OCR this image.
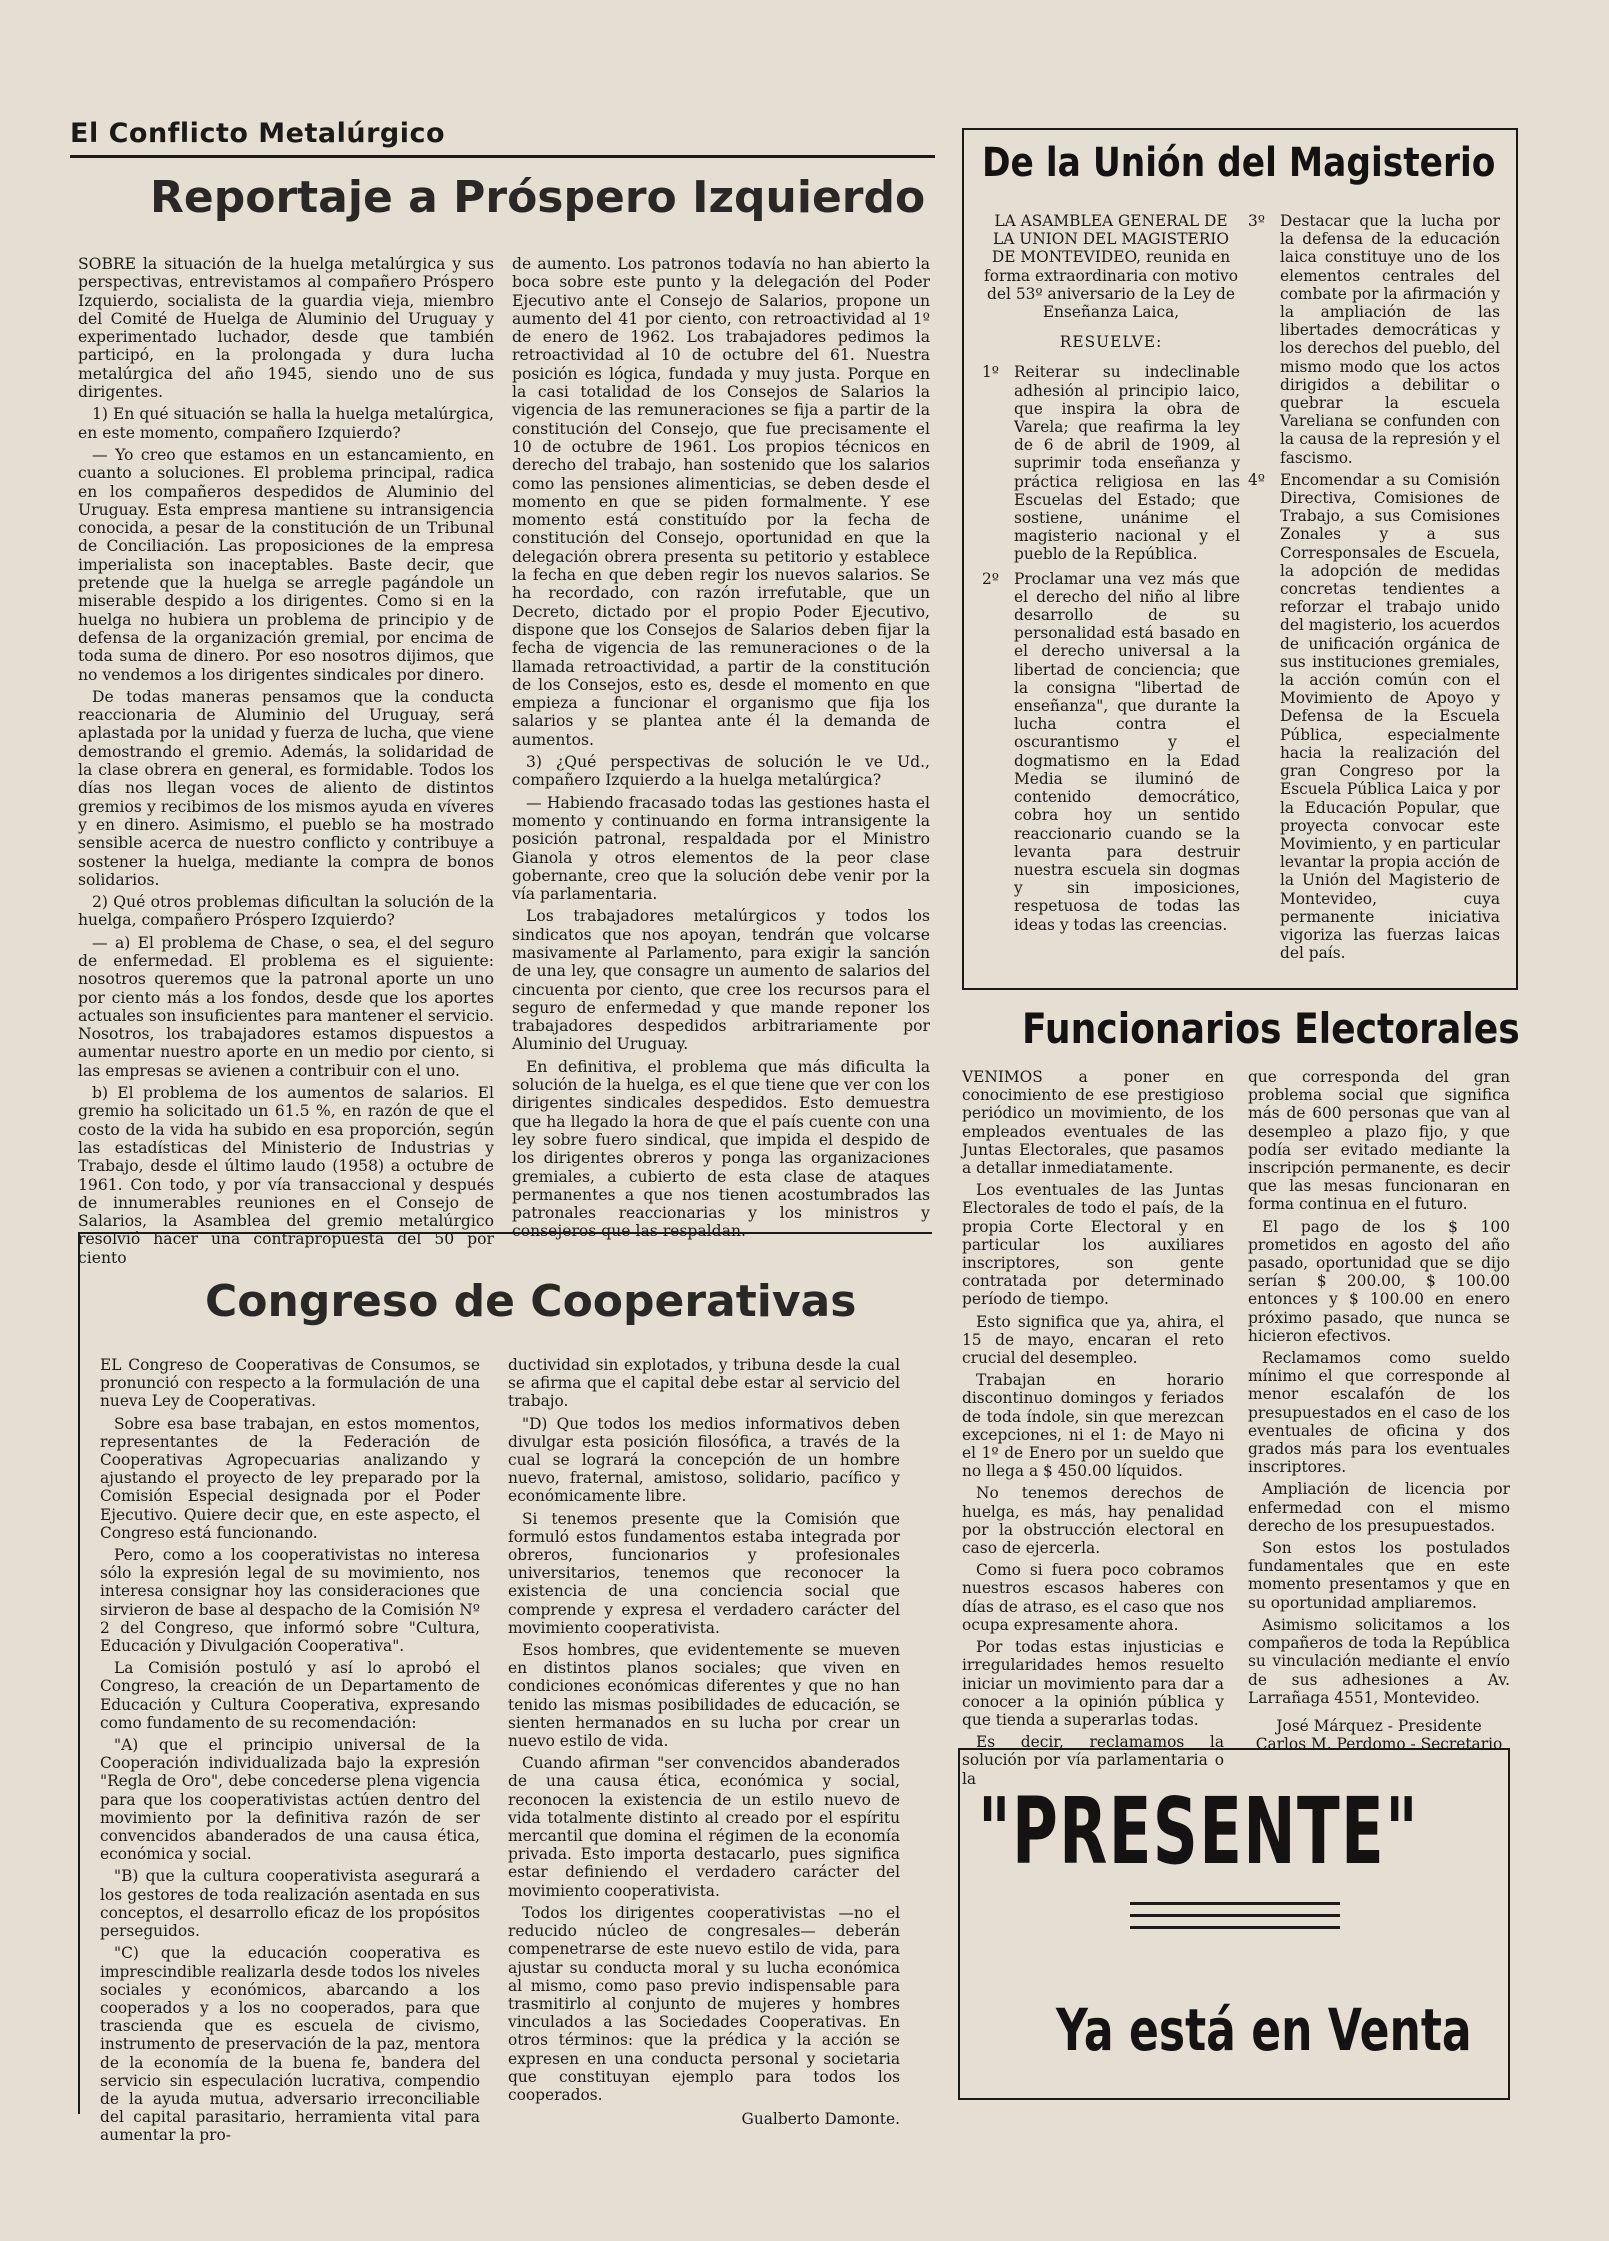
El Conflicto Metalúrgico
Reportaje a Próspero Izquierdo

SOBRE la situación de la huelga metalúrgica y sus perspectivas, entrevistamos al compañero Próspero Izquierdo, socialista de la guardia vieja, miembro del Comité de Huelga de Aluminio del Uruguay y experimentado luchador, desde que también participó, en la prolongada y dura lucha metalúrgica del año 1945, siendo uno de sus dirigentes.

1) En qué situación se halla la huelga metalúrgica, en este momento, compañero Izquierdo?

— Yo creo que estamos en un estancamiento, en cuanto a soluciones. El problema principal, radica en los compañeros despedidos de Aluminio del Uruguay. Esta empresa mantiene su intransigencia conocida, a pesar de la constitución de un Tribunal de Conciliación. Las proposiciones de la empresa imperialista son inaceptables. Baste decir, que pretende que la huelga se arregle pagándole un miserable despido a los dirigentes. Como si en la huelga no hubiera un problema de principio y de defensa de la organización gremial, por encima de toda suma de dinero. Por eso nosotros dijimos, que no vendemos a los dirigentes sindicales por dinero.

De todas maneras pensamos que la conducta reaccionaria de Aluminio del Uruguay, será aplastada por la unidad y fuerza de lucha, que viene demostrando el gremio. Además, la solidaridad de la clase obrera en general, es formidable. Todos los días nos llegan voces de aliento de distintos gremios y recibimos de los mismos ayuda en víveres y en dinero. Asimismo, el pueblo se ha mostrado sensible acerca de nuestro conflicto y contribuye a sostener la huelga, mediante la compra de bonos solidarios.

2) Qué otros problemas dificultan la solución de la huelga, compañero Próspero Izquierdo?

— a) El problema de Chase, o sea, el del seguro de enfermedad. El problema es el siguiente: nosotros queremos que la patronal aporte un uno por ciento más a los fondos, desde que los aportes actuales son insuficientes para mantener el servicio. Nosotros, los trabajadores estamos dispuestos a aumentar nuestro aporte en un medio por ciento, si las empresas se avienen a contribuir con el uno.

b) El problema de los aumentos de salarios. El gremio ha solicitado un 61.5 %, en razón de que el costo de la vida ha subido en esa proporción, según las estadísticas del Ministerio de Industrias y Trabajo, desde el último laudo (1958) a octubre de 1961. Con todo, y por vía transaccional y después de innumerables reuniones en el Consejo de Salarios, la Asamblea del gremio metalúrgico resolvió hacer una contrapropuesta del 50 por ciento

de aumento. Los patronos todavía no han abierto la boca sobre este punto y la delegación del Poder Ejecutivo ante el Consejo de Salarios, propone un aumento del 41 por ciento, con retroactividad al 1º de enero de 1962. Los trabajadores pedimos la retroactividad al 10 de octubre del 61. Nuestra posición es lógica, fundada y muy justa. Porque en la casi totalidad de los Consejos de Salarios la vigencia de las remuneraciones se fija a partir de la constitución del Consejo, que fue precisamente el 10 de octubre de 1961. Los propios técnicos en derecho del trabajo, han sostenido que los salarios como las pensiones alimenticias, se deben desde el momento en que se piden formalmente. Y ese momento está constituído por la fecha de constitución del Consejo, oportunidad en que la delegación obrera presenta su petitorio y establece la fecha en que deben regir los nuevos salarios. Se ha recordado, con razón irrefutable, que un Decreto, dictado por el propio Poder Ejecutivo, dispone que los Consejos de Salarios deben fijar la fecha de vigencia de las remuneraciones o de la llamada retroactividad, a partir de la constitución de los Consejos, esto es, desde el momento en que empieza a funcionar el organismo que fija los salarios y se plantea ante él la demanda de aumentos.

3) ¿Qué perspectivas de solución le ve Ud., compañero Izquierdo a la huelga metalúrgica?

— Habiendo fracasado todas las gestiones hasta el momento y continuando en forma intransigente la posición patronal, respaldada por el Ministro Gianola y otros elementos de la peor clase gobernante, creo que la solución debe venir por la vía parlamentaria.

Los trabajadores metalúrgicos y todos los sindicatos que nos apoyan, tendrán que volcarse masivamente al Parlamento, para exigir la sanción de una ley, que consagre un aumento de salarios del cincuenta por ciento, que cree los recursos para el seguro de enfermedad y que mande reponer los trabajadores despedidos arbitrariamente por Aluminio del Uruguay.

En definitiva, el problema que más dificulta la solución de la huelga, es el que tiene que ver con los dirigentes sindicales despedidos. Esto demuestra que ha llegado la hora de que el país cuente con una ley sobre fuero sindical, que impida el despido de los dirigentes obreros y ponga las organizaciones gremiales, a cubierto de esta clase de ataques permanentes a que nos tienen acostumbrados las patronales reaccionarias y los ministros y consejeros que las respaldan.

De la Unión del Magisterio

LA ASAMBLEA GENERAL DE LA UNION DEL MAGISTERIO DE MONTEVIDEO, reunida en forma extraordinaria con motivo del 53º aniversario de la Ley de Enseñanza Laica,

RESUELVE:

1º Reiterar su indeclinable adhesión al principio laico, que inspira la obra de Varela; que reafirma la ley de 6 de abril de 1909, al suprimir toda enseñanza y práctica religiosa en las Escuelas del Estado; que sostiene, unánime el magisterio nacional y el pueblo de la República.
2º Proclamar una vez más que el derecho del niño al libre desarrollo de su personalidad está basado en el derecho universal a la libertad de conciencia; que la consigna "libertad de enseñanza", que durante la lucha contra el oscurantismo y el dogmatismo en la Edad Media se iluminó de contenido democrático, cobra hoy un sentido reaccionario cuando se la levanta para destruir nuestra escuela sin dogmas y sin imposiciones, respetuosa de todas las ideas y todas las creencias.
3º Destacar que la lucha por la defensa de la educación laica constituye uno de los elementos centrales del combate por la afirmación y la ampliación de las libertades democráticas y los derechos del pueblo, del mismo modo que los actos dirigidos a debilitar o quebrar la escuela Vareliana se confunden con la causa de la represión y el fascismo.
4º Encomendar a su Comisión Directiva, Comisiones de Trabajo, a sus Comisiones Zonales y a sus Corresponsales de Escuela, la adopción de medidas concretas tendientes a reforzar el trabajo unido del magisterio, los acuerdos de unificación orgánica de sus instituciones gremiales, la acción común con el Movimiento de Apoyo y Defensa de la Escuela Pública, especialmente hacia la realización del gran Congreso por la Escuela Pública Laica y por la Educación Popular, que proyecta convocar este Movimiento, y en particular levantar la propia acción de la Unión del Magisterio de Montevideo, cuya permanente iniciativa vigoriza las fuerzas laicas del país.
Funcionarios Electorales

VENIMOS a poner en conocimiento de ese prestigioso periódico un movimiento, de los empleados eventuales de las Juntas Electorales, que pasamos a detallar inmediatamente.

Los eventuales de las Juntas Electorales de todo el país, de la propia Corte Electoral y en particular los auxiliares inscriptores, son gente contratada por determinado período de tiempo.

Esto significa que ya, ahira, el 15 de mayo, encaran el reto crucial del desempleo.

Trabajan en horario discontinuo domingos y feriados de toda índole, sin que merezcan excepciones, ni el 1: de Mayo ni el 1º de Enero por un sueldo que no llega a $ 450.00 líquidos.

No tenemos derechos de huelga, es más, hay penalidad por la obstrucción electoral en caso de ejercerla.

Como si fuera poco cobramos nuestros escasos haberes con días de atraso, es el caso que nos ocupa expresamente ahora.

Por todas estas injusticias e irregularidades hemos resuelto iniciar un movimiento para dar a conocer a la opinión pública y que tienda a superarlas todas.

Es decir, reclamamos la solución por vía parlamentaria o la

que corresponda del gran problema social que significa más de 600 personas que van al desempleo a plazo fijo, y que podía ser evitado mediante la inscripción permanente, es decir que las mesas funcionaran en forma continua en el futuro.

El pago de los $ 100 prometidos en agosto del año pasado, oportunidad que se dijo serían $ 200.00, $ 100.00 entonces y $ 100.00 en enero próximo pasado, que nunca se hicieron efectivos.

Reclamamos como sueldo mínimo el que corresponde al menor escalafón de los presupuestados en el caso de los eventuales de oficina y dos grados más para los eventuales inscriptores.

Ampliación de licencia por enfermedad con el mismo derecho de los presupuestados.

Son estos los postulados fundamentales que en este momento presentamos y que en su oportunidad ampliaremos.

Asimismo solicitamos a los compañeros de toda la República su vinculación mediante el envío de sus adhesiones a Av. Larrañaga 4551, Montevideo.

José Márquez - Presidente

Carlos M. Perdomo - Secretario

Congreso de Cooperativas

EL Congreso de Cooperativas de Consumos, se pronunció con respecto a la formulación de una nueva Ley de Cooperativas.

Sobre esa base trabajan, en estos momentos, representantes de la Federación de Cooperativas Agropecuarias analizando y ajustando el proyecto de ley preparado por la Comisión Especial designada por el Poder Ejecutivo. Quiere decir que, en este aspecto, el Congreso está funcionando.

Pero, como a los cooperativistas no interesa sólo la expresión legal de su movimiento, nos interesa consignar hoy las consideraciones que sirvieron de base al despacho de la Comisión Nº 2 del Congreso, que informó sobre "Cultura, Educación y Divulgación Cooperativa".

La Comisión postuló y así lo aprobó el Congreso, la creación de un Departamento de Educación y Cultura Cooperativa, expresando como fundamento de su recomendación:

"A) que el principio universal de la Cooperación individualizada bajo la expresión "Regla de Oro", debe concederse plena vigencia para que los cooperativistas actúen dentro del movimiento por la definitiva razón de ser convencidos abanderados de una causa ética, económica y social.

"B) que la cultura cooperativista asegurará a los gestores de toda realización asentada en sus conceptos, el desarrollo eficaz de los propósitos perseguidos.

"C) que la educación cooperativa es imprescindible realizarla desde todos los niveles sociales y económicos, abarcando a los cooperados y a los no cooperados, para que trascienda que es escuela de civismo, instrumento de preservación de la paz, mentora de la economía de la buena fe, bandera del servicio sin especulación lucrativa, compendio de la ayuda mutua, adversario irreconciliable del capital parasitario, herramienta vital para aumentar la pro-

ductividad sin explotados, y tribuna desde la cual se afirma que el capital debe estar al servicio del trabajo.

"D) Que todos los medios informativos deben divulgar esta posición filosófica, a través de la cual se logrará la concepción de un hombre nuevo, fraternal, amistoso, solidario, pacífico y económicamente libre.

Si tenemos presente que la Comisión que formuló estos fundamentos estaba integrada por obreros, funcionarios y profesionales universitarios, tenemos que reconocer la existencia de una conciencia social que comprende y expresa el verdadero carácter del movimiento cooperativista.

Esos hombres, que evidentemente se mueven en distintos planos sociales; que viven en condiciones económicas diferentes y que no han tenido las mismas posibilidades de educación, se sienten hermanados en su lucha por crear un nuevo estilo de vida.

Cuando afirman "ser convencidos abanderados de una causa ética, económica y social, reconocen la existencia de un estilo nuevo de vida totalmente distinto al creado por el espíritu mercantil que domina el régimen de la economía privada. Esto importa destacarlo, pues significa estar definiendo el verdadero carácter del movimiento cooperativista.

Todos los dirigentes cooperativistas —no el reducido núcleo de congresales— deberán compenetrarse de este nuevo estilo de vida, para ajustar su conducta moral y su lucha económica al mismo, como paso previo indispensable para trasmitirlo al conjunto de mujeres y hombres vinculados a las Sociedades Cooperativas. En otros términos: que la prédica y la acción se expresen en una conducta personal y societaria que constituyan ejemplo para todos los cooperados.

Gualberto Damonte.

"PRESENTE"
Ya está en Venta
